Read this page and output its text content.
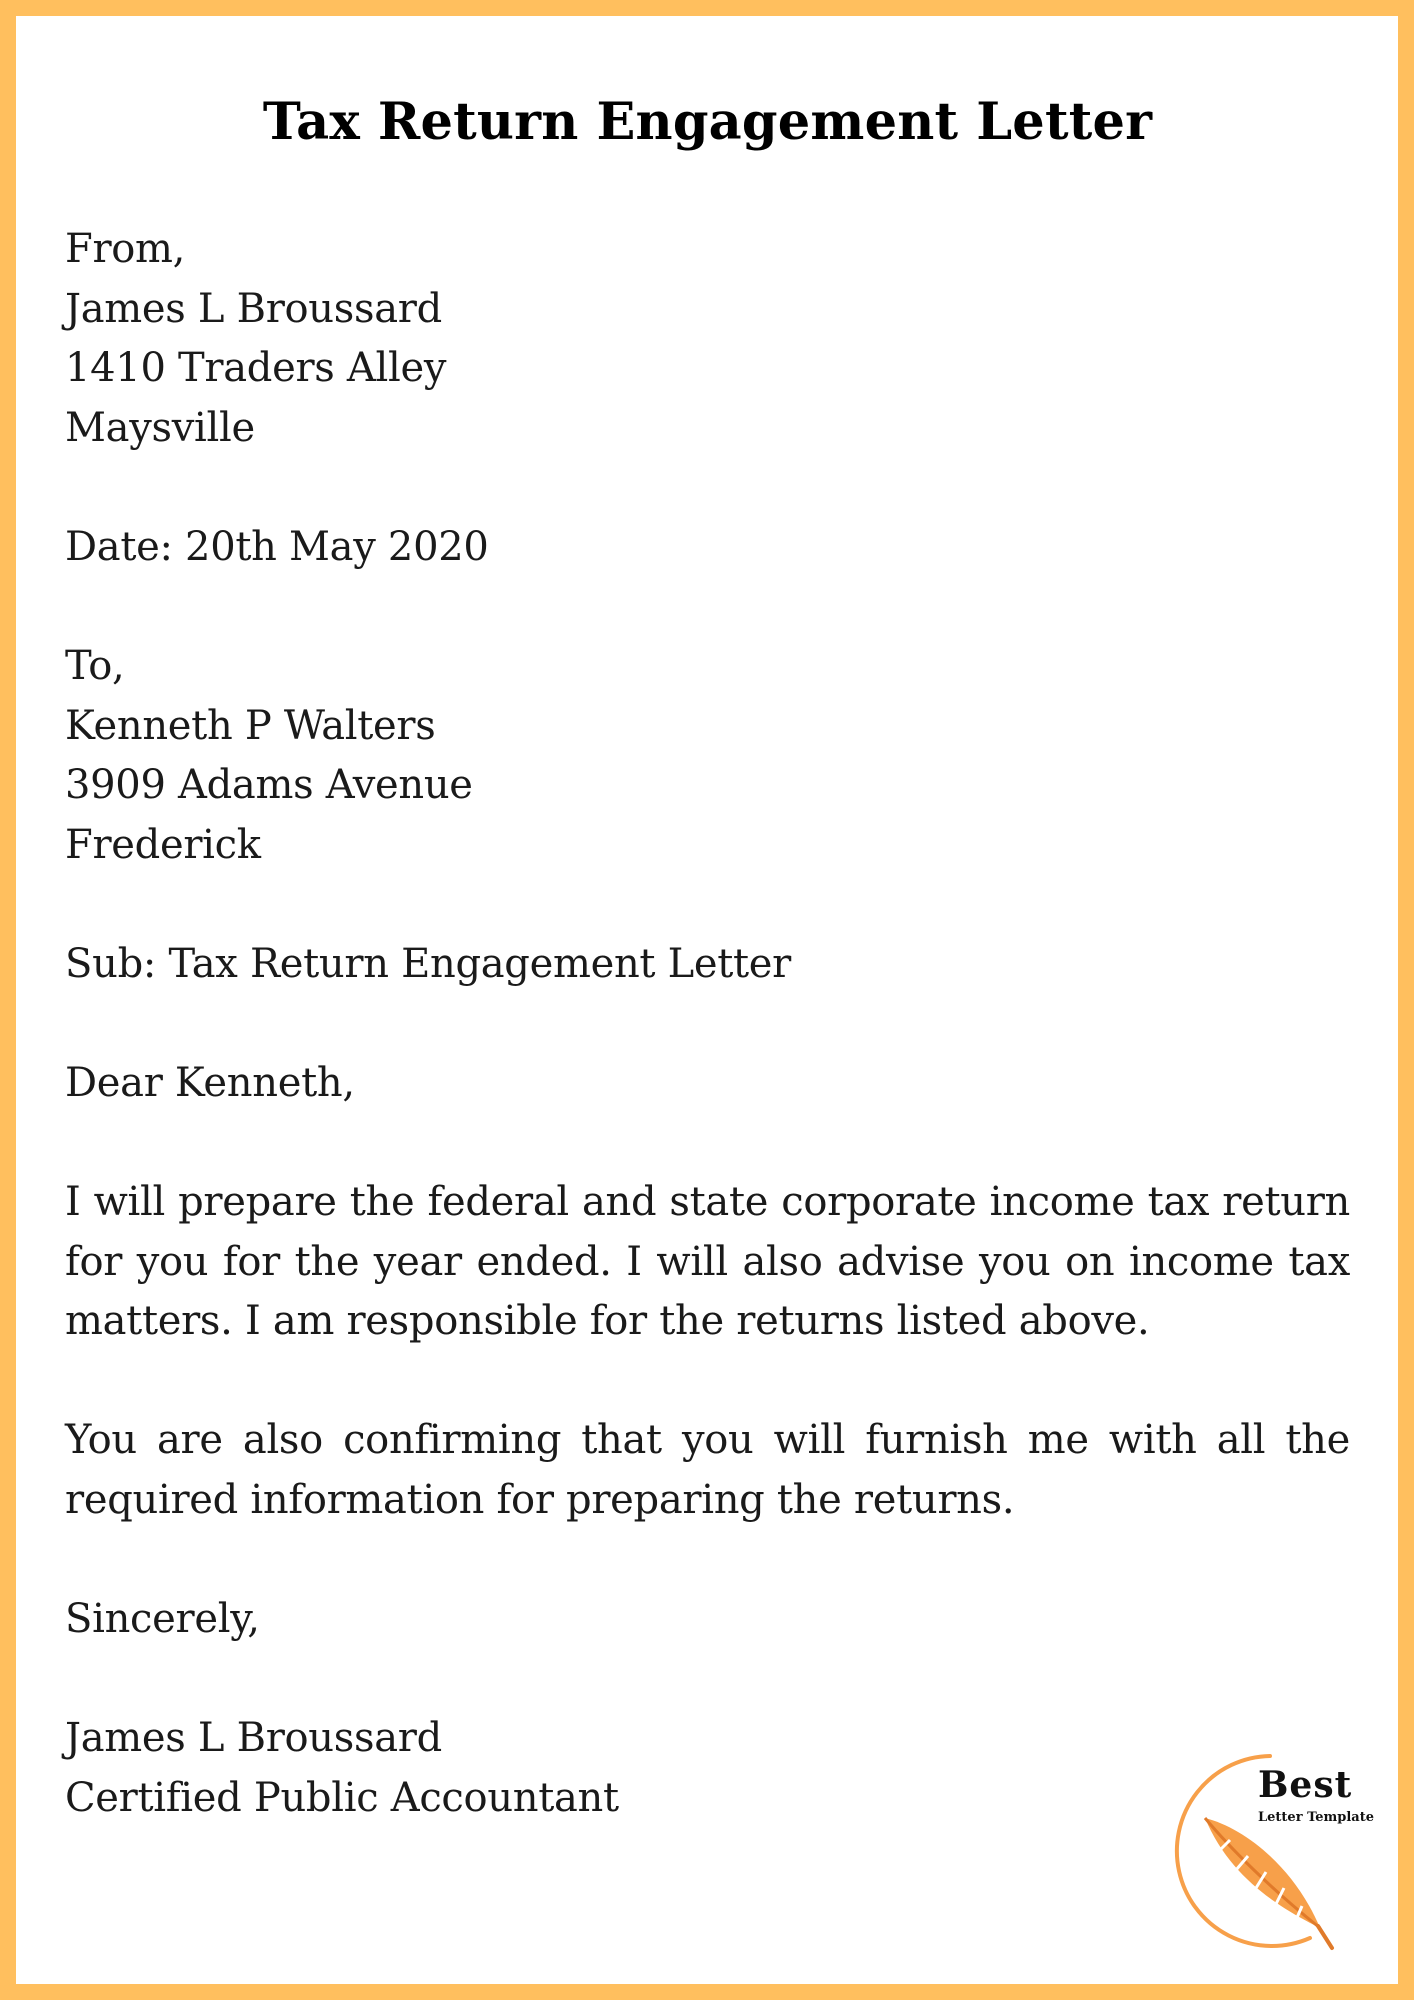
Tax Return Engagement Letter
From,
James L Broussard
1410 Traders Alley
Maysville
Date: 20th May 2020
To,
Kenneth P Walters
3909 Adams Avenue
Frederick
Sub: Tax Return Engagement Letter
Dear Kenneth,
I will prepare the federal and state corporate income tax return for you for the year ended. I will also advise you on income tax matters. I am responsible for the returns listed above.
You are also confirming that you will furnish me with all the required information for preparing the returns.
Sincerely,
James L Broussard
Certified Public Accountant	Best
Letter Template
